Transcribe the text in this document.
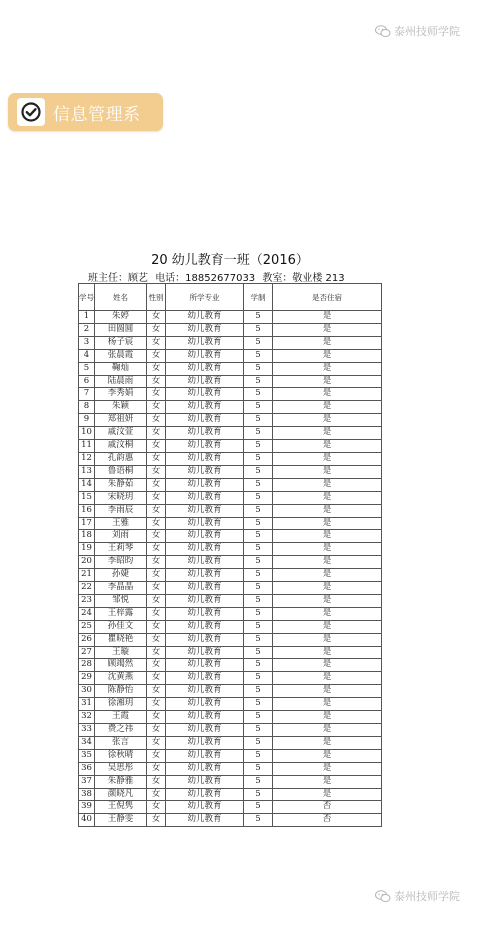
泰州技师学院
信息管理系
20 幼儿教育一班（2016）
班主任：顾艺 电话：18852677033 教室：敬业楼 213
学号	姓名	性别	所学专业	学制	是否住宿
1	朱婷	女	幼儿教育	5	是
2	田圆圆	女	幼儿教育	5	是
3	杨子宸	女	幼儿教育	5	是
4	张晨霞	女	幼儿教育	5	是
5	鞠灿	女	幼儿教育	5	是
6	陆晨雨	女	幼儿教育	5	是
7	李秀娟	女	幼儿教育	5	是
8	朱颖	女	幼儿教育	5	是
9	郑祖妍	女	幼儿教育	5	是
10	戚汶萱	女	幼儿教育	5	是
11	戚汶桐	女	幼儿教育	5	是
12	孔韵惠	女	幼儿教育	5	是
13	鲁语桐	女	幼儿教育	5	是
14	朱静茹	女	幼儿教育	5	是
15	宋晓玥	女	幼儿教育	5	是
16	李雨辰	女	幼儿教育	5	是
17	王雅	女	幼儿教育	5	是
18	刘雨	女	幼儿教育	5	是
19	王莉琴	女	幼儿教育	5	是
20	李昭昀	女	幼儿教育	5	是
21	孙婕	女	幼儿教育	5	是
22	李晶晶	女	幼儿教育	5	是
23	邹悦	女	幼儿教育	5	是
24	王梓露	女	幼儿教育	5	是
25	孙佳文	女	幼儿教育	5	是
26	瞿晓艳	女	幼儿教育	5	是
27	王璇	女	幼儿教育	5	是
28	顾竭然	女	幼儿教育	5	是
29	沈黄燕	女	幼儿教育	5	是
30	陈静怡	女	幼儿教育	5	是
31	徐湘玥	女	幼儿教育	5	是
32	王霞	女	幼儿教育	5	是
33	费之祎	女	幼儿教育	5	是
34	张言	女	幼儿教育	5	是
35	徐秋晴	女	幼儿教育	5	是
36	吴思彤	女	幼儿教育	5	是
37	朱静雅	女	幼儿教育	5	是
38	颜晓凡	女	幼儿教育	5	是
39	王倪隽	女	幼儿教育	5	否
40	王静雯	女	幼儿教育	5	否
泰州技师学院
